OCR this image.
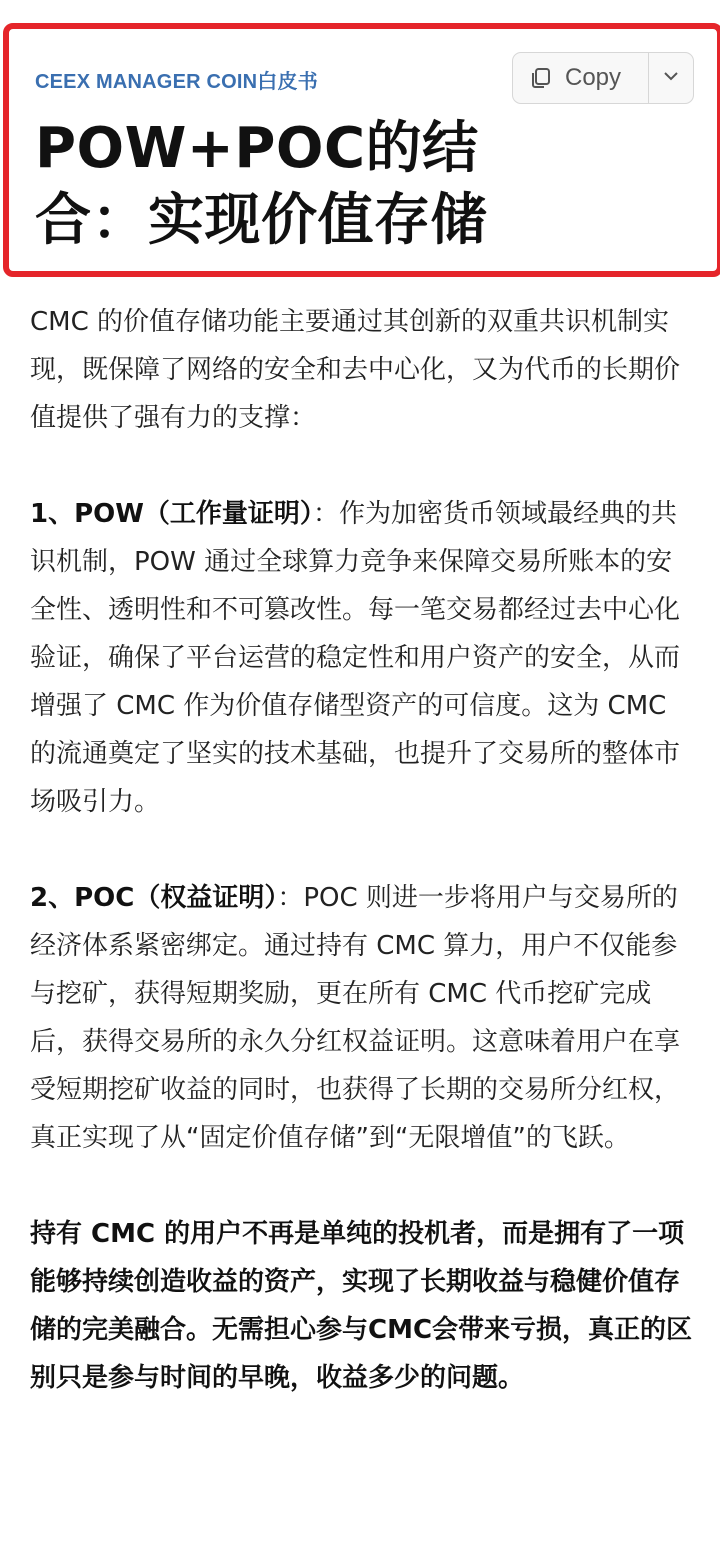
CEEX MANAGER COIN白皮书	Copy
POW+POC的结合：实现价值存储

CMC 的价值存储功能主要通过其创新的双重共识机制实现，既保障了网络的安全和去中心化，又为代币的长期价值提供了强有力的支撑：

1、POW（工作量证明）：作为加密货币领域最经典的共识机制，POW 通过全球算力竞争来保障交易所账本的安全性、透明性和不可篡改性。每一笔交易都经过去中心化验证，确保了平台运营的稳定性和用户资产的安全，从而增强了 CMC 作为价值存储型资产的可信度。这为 CMC 的流通奠定了坚实的技术基础，也提升了交易所的整体市场吸引力。

2、POC（权益证明）：POC 则进一步将用户与交易所的经济体系紧密绑定。通过持有 CMC 算力，用户不仅能参与挖矿，获得短期奖励，更在所有 CMC 代币挖矿完成后，获得交易所的永久分红权益证明。这意味着用户在享受短期挖矿收益的同时，也获得了长期的交易所分红权，真正实现了从“固定价值存储”到“无限增值”的飞跃。

持有 CMC 的用户不再是单纯的投机者，而是拥有了一项能够持续创造收益的资产，实现了长期收益与稳健价值存储的完美融合。无需担心参与CMC会带来亏损，真正的区别只是参与时间的早晚，收益多少的问题。
